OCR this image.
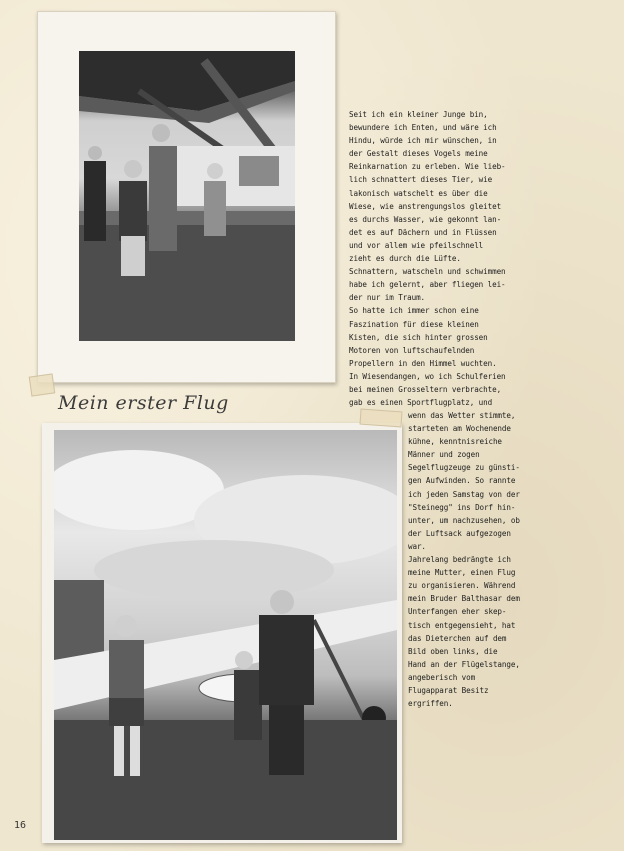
Mein erster Flug
Seit ich ein kleiner Junge bin,
bewundere ich Enten, und wäre ich
Hindu, würde ich mir wünschen, in
der Gestalt dieses Vogels meine
Reinkarnation zu erleben. Wie lieb-
lich schnattert dieses Tier, wie
lakonisch watschelt es über die
Wiese, wie anstrengungslos gleitet
es durchs Wasser, wie gekonnt lan-
det es auf Dächern und in Flüssen
und vor allem wie pfeilschnell
zieht es durch die Lüfte.
Schnattern, watscheln und schwimmen
habe ich gelernt, aber fliegen lei-
der nur im Traum.
So hatte ich immer schon eine
Faszination für diese kleinen
Kisten, die sich hinter grossen
Motoren von luftschaufelnden
Propellern in den Himmel wuchten.
In Wiesendangen, wo ich Schulferien
bei meinen Grosseltern verbrachte,
gab es einen Sportflugplatz, und
wenn das Wetter stimmte,
starteten am Wochenende
kühne, kenntnisreiche
Männer und zogen
Segelflugzeuge zu günsti-
gen Aufwinden. So rannte
ich jeden Samstag von der
"Steinegg" ins Dorf hin-
unter, um nachzusehen, ob
der Luftsack aufgezogen
war.
Jahrelang bedrängte ich
meine Mutter, einen Flug
zu organisieren. Während
mein Bruder Balthasar dem
Unterfangen eher skep-
tisch entgegensieht, hat
das Dieterchen auf dem
Bild oben links, die
Hand an der Flügelstange,
angeberisch vom
Flugapparat Besitz
ergriffen.
16
